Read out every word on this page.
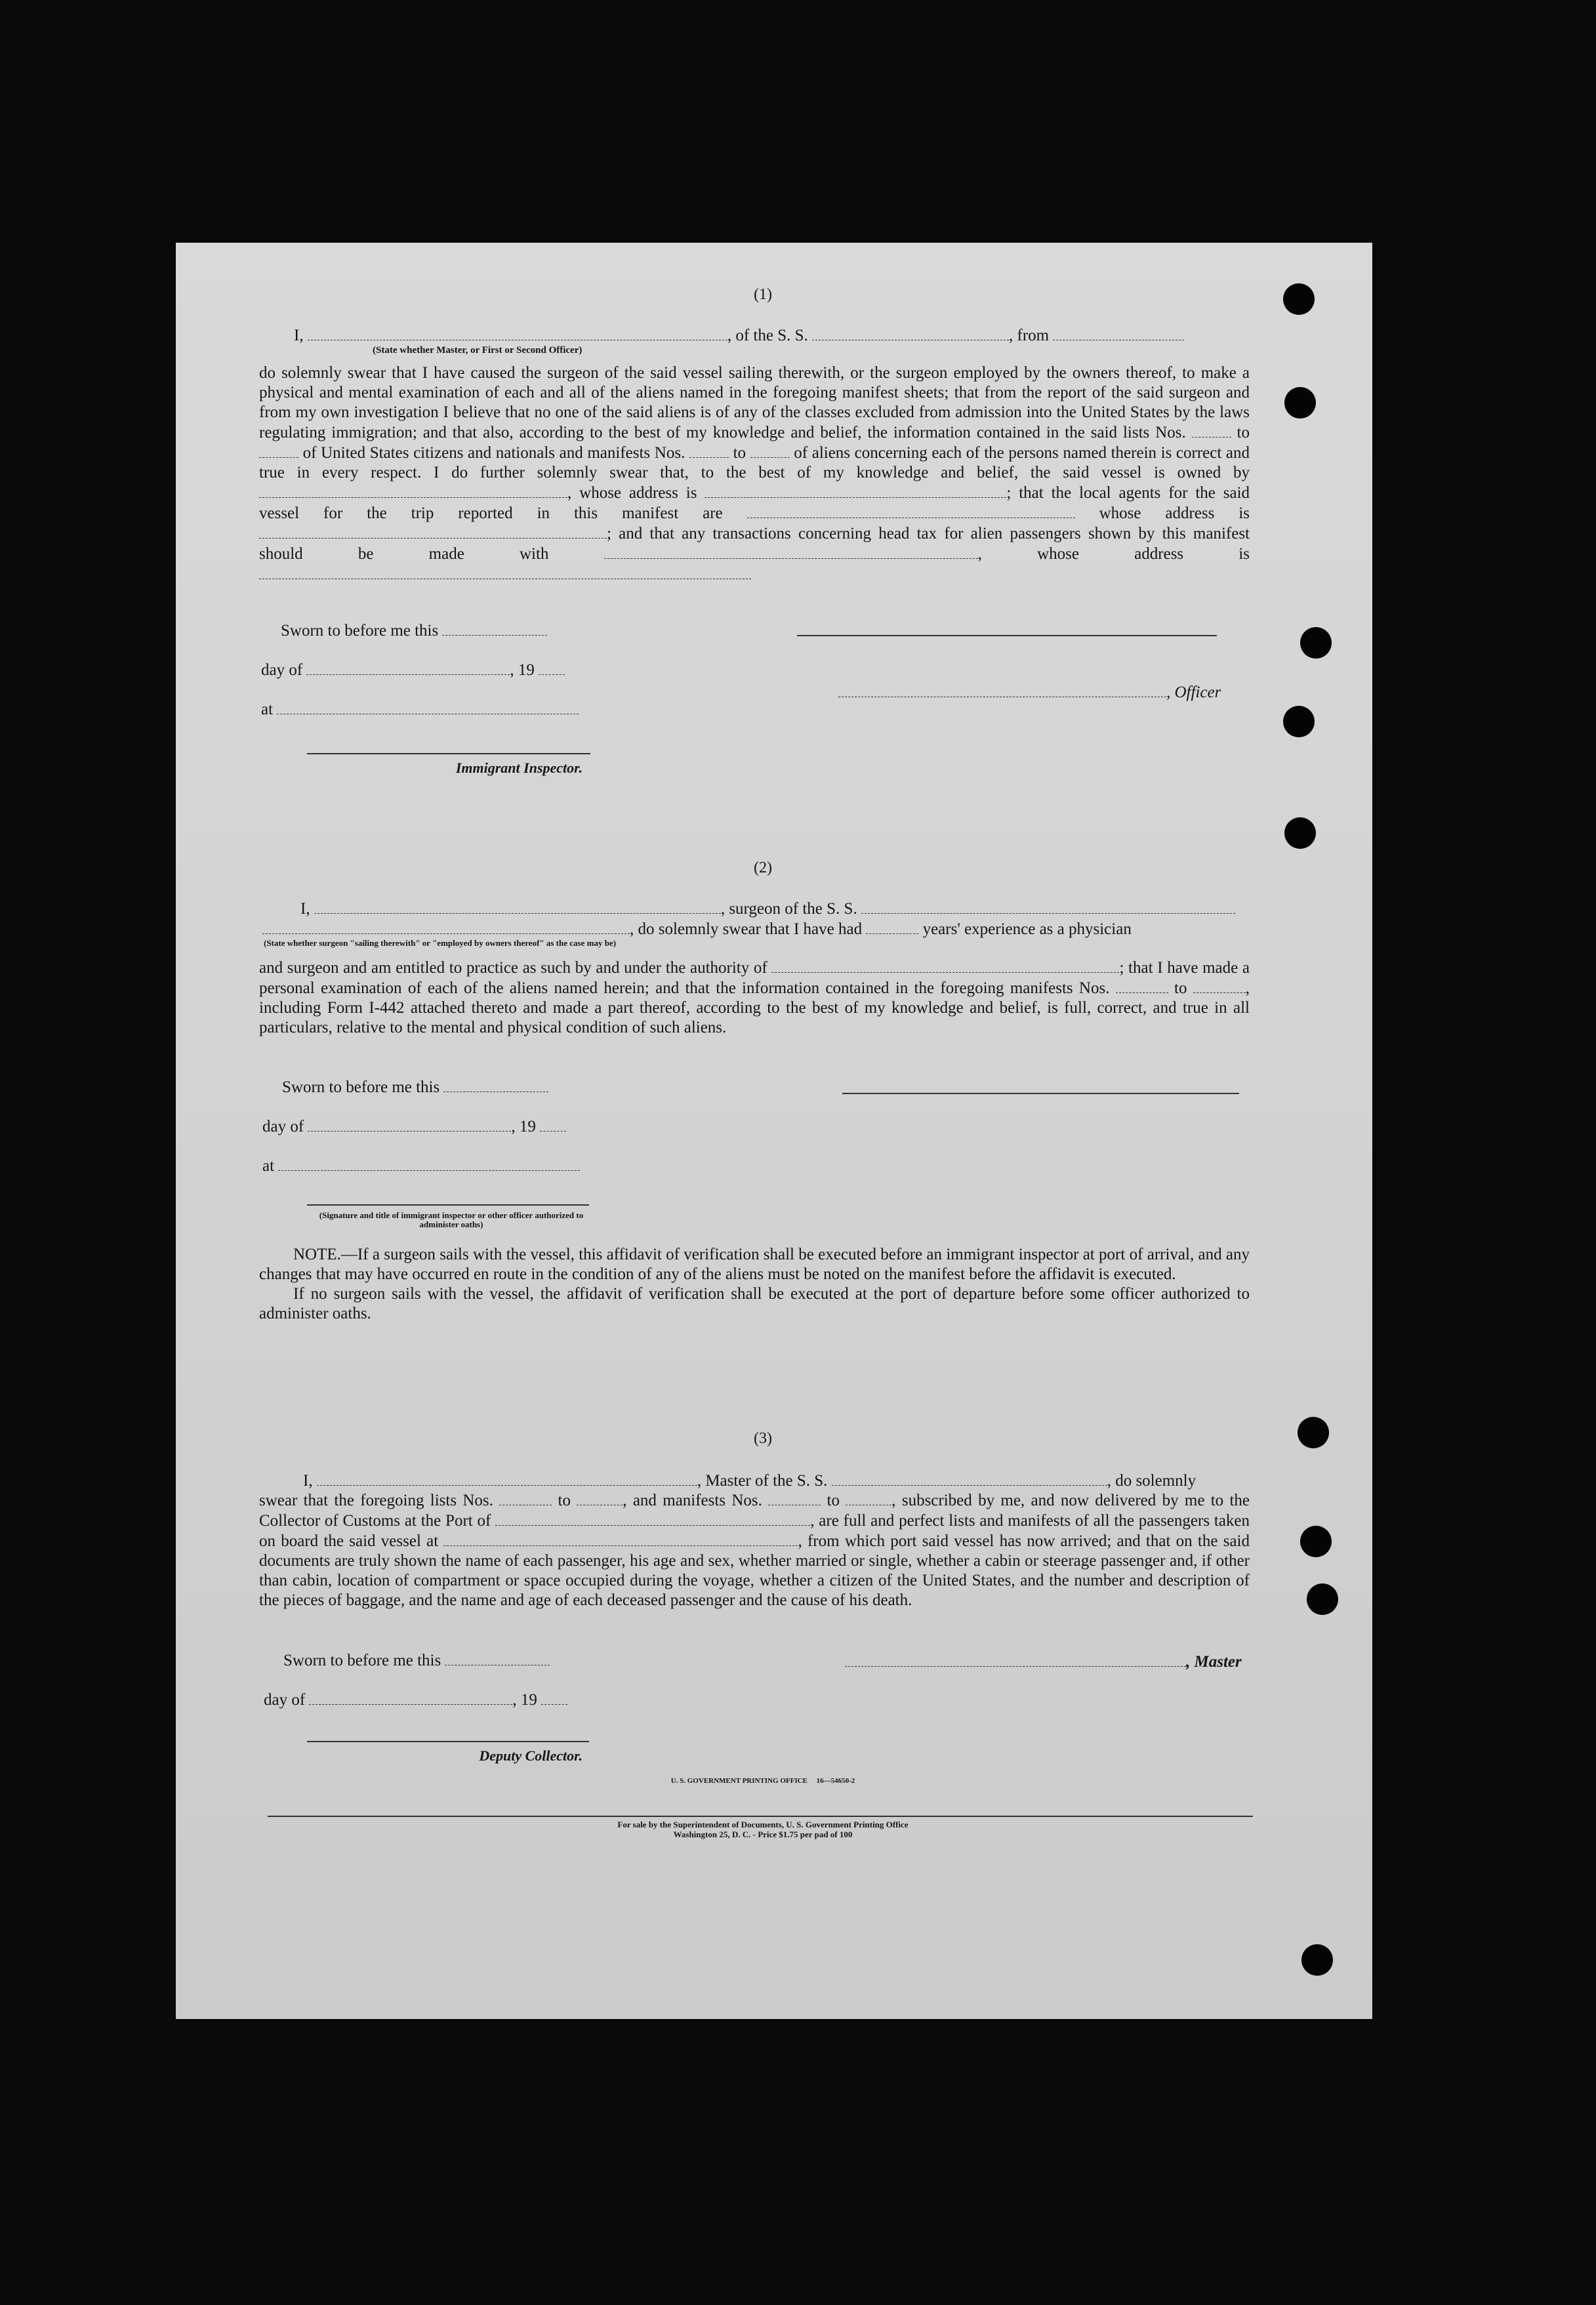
(1)
I,	, of the S. S.	, from
(State whether Master, or First or Second Officer)
do solemnly swear that I have caused the surgeon of the said vessel sailing therewith, or the surgeon employed by the owners thereof, to make a physical and mental examination of each and all of the aliens named in the foregoing manifest sheets; that from the report of the said surgeon and from my own investigation I believe that no one of the said aliens is of any of the classes excluded from admission into the United States by the laws regulating immigration; and that also, according to the best of my knowledge and belief, the information contained in the said lists Nos.	to  of United States citizens and nationals and manifests Nos.	to	of aliens concerning each of the persons named therein is correct and true in every respect. I do further solemnly swear that, to the best of my knowledge and belief, the said vessel is owned by , whose address is	; that the local agents for the said vessel for the trip reported in this manifest are	whose address is ; and that any transactions concerning head tax for alien passengers shown by this manifest should be made with	, whose address is
Sworn to before me this
day of	, 19
at
Immigrant Inspector.
, Officer
(2)
I,	, surgeon of the S. S.
, do solemnly swear that I have had	years' experience as a physician
(State whether surgeon "sailing therewith" or "employed by owners thereof" as the case may be)
and surgeon and am entitled to practice as such by and under the authority of	; that I have made a personal examination of each of the aliens named herein; and that the information contained in the foregoing manifests Nos.	to	, including Form I-442 attached thereto and made a part thereof, according to the best of my knowledge and belief, is full, correct, and true in all particulars, relative to the mental and physical condition of such aliens.
Sworn to before me this
day of	, 19
at
(Signature and title of immigrant inspector or other officer authorized to administer oaths)
NOTE.—If a surgeon sails with the vessel, this affidavit of verification shall be executed before an immigrant inspector at port of arrival, and any changes that may have occurred en route in the condition of any of the aliens must be noted on the manifest before the affidavit is executed.
If no surgeon sails with the vessel, the affidavit of verification shall be executed at the port of departure before some officer authorized to administer oaths.
(3)
I,	, Master of the S. S.	, do solemnly
swear that the foregoing lists Nos.	to	, and manifests Nos.	to	, subscribed by me, and now delivered by me to the Collector of Customs at the Port of	, are full and perfect lists and manifests of all the passengers taken on board the said vessel at	, from which port said vessel has now arrived; and that on the said documents are truly shown the name of each passenger, his age and sex, whether married or single, whether a cabin or steerage passenger and, if other than cabin, location of compartment or space occupied during the voyage, whether a citizen of the United States, and the number and description of the pieces of baggage, and the name and age of each deceased passenger and the cause of his death.
Sworn to before me this
day of	, 19
Deputy Collector.
, Master
U. S. GOVERNMENT PRINTING OFFICE     16—54650-2
For sale by the Superintendent of Documents, U. S. Government Printing Office
Washington 25, D. C. - Price $1.75 per pad of 100
